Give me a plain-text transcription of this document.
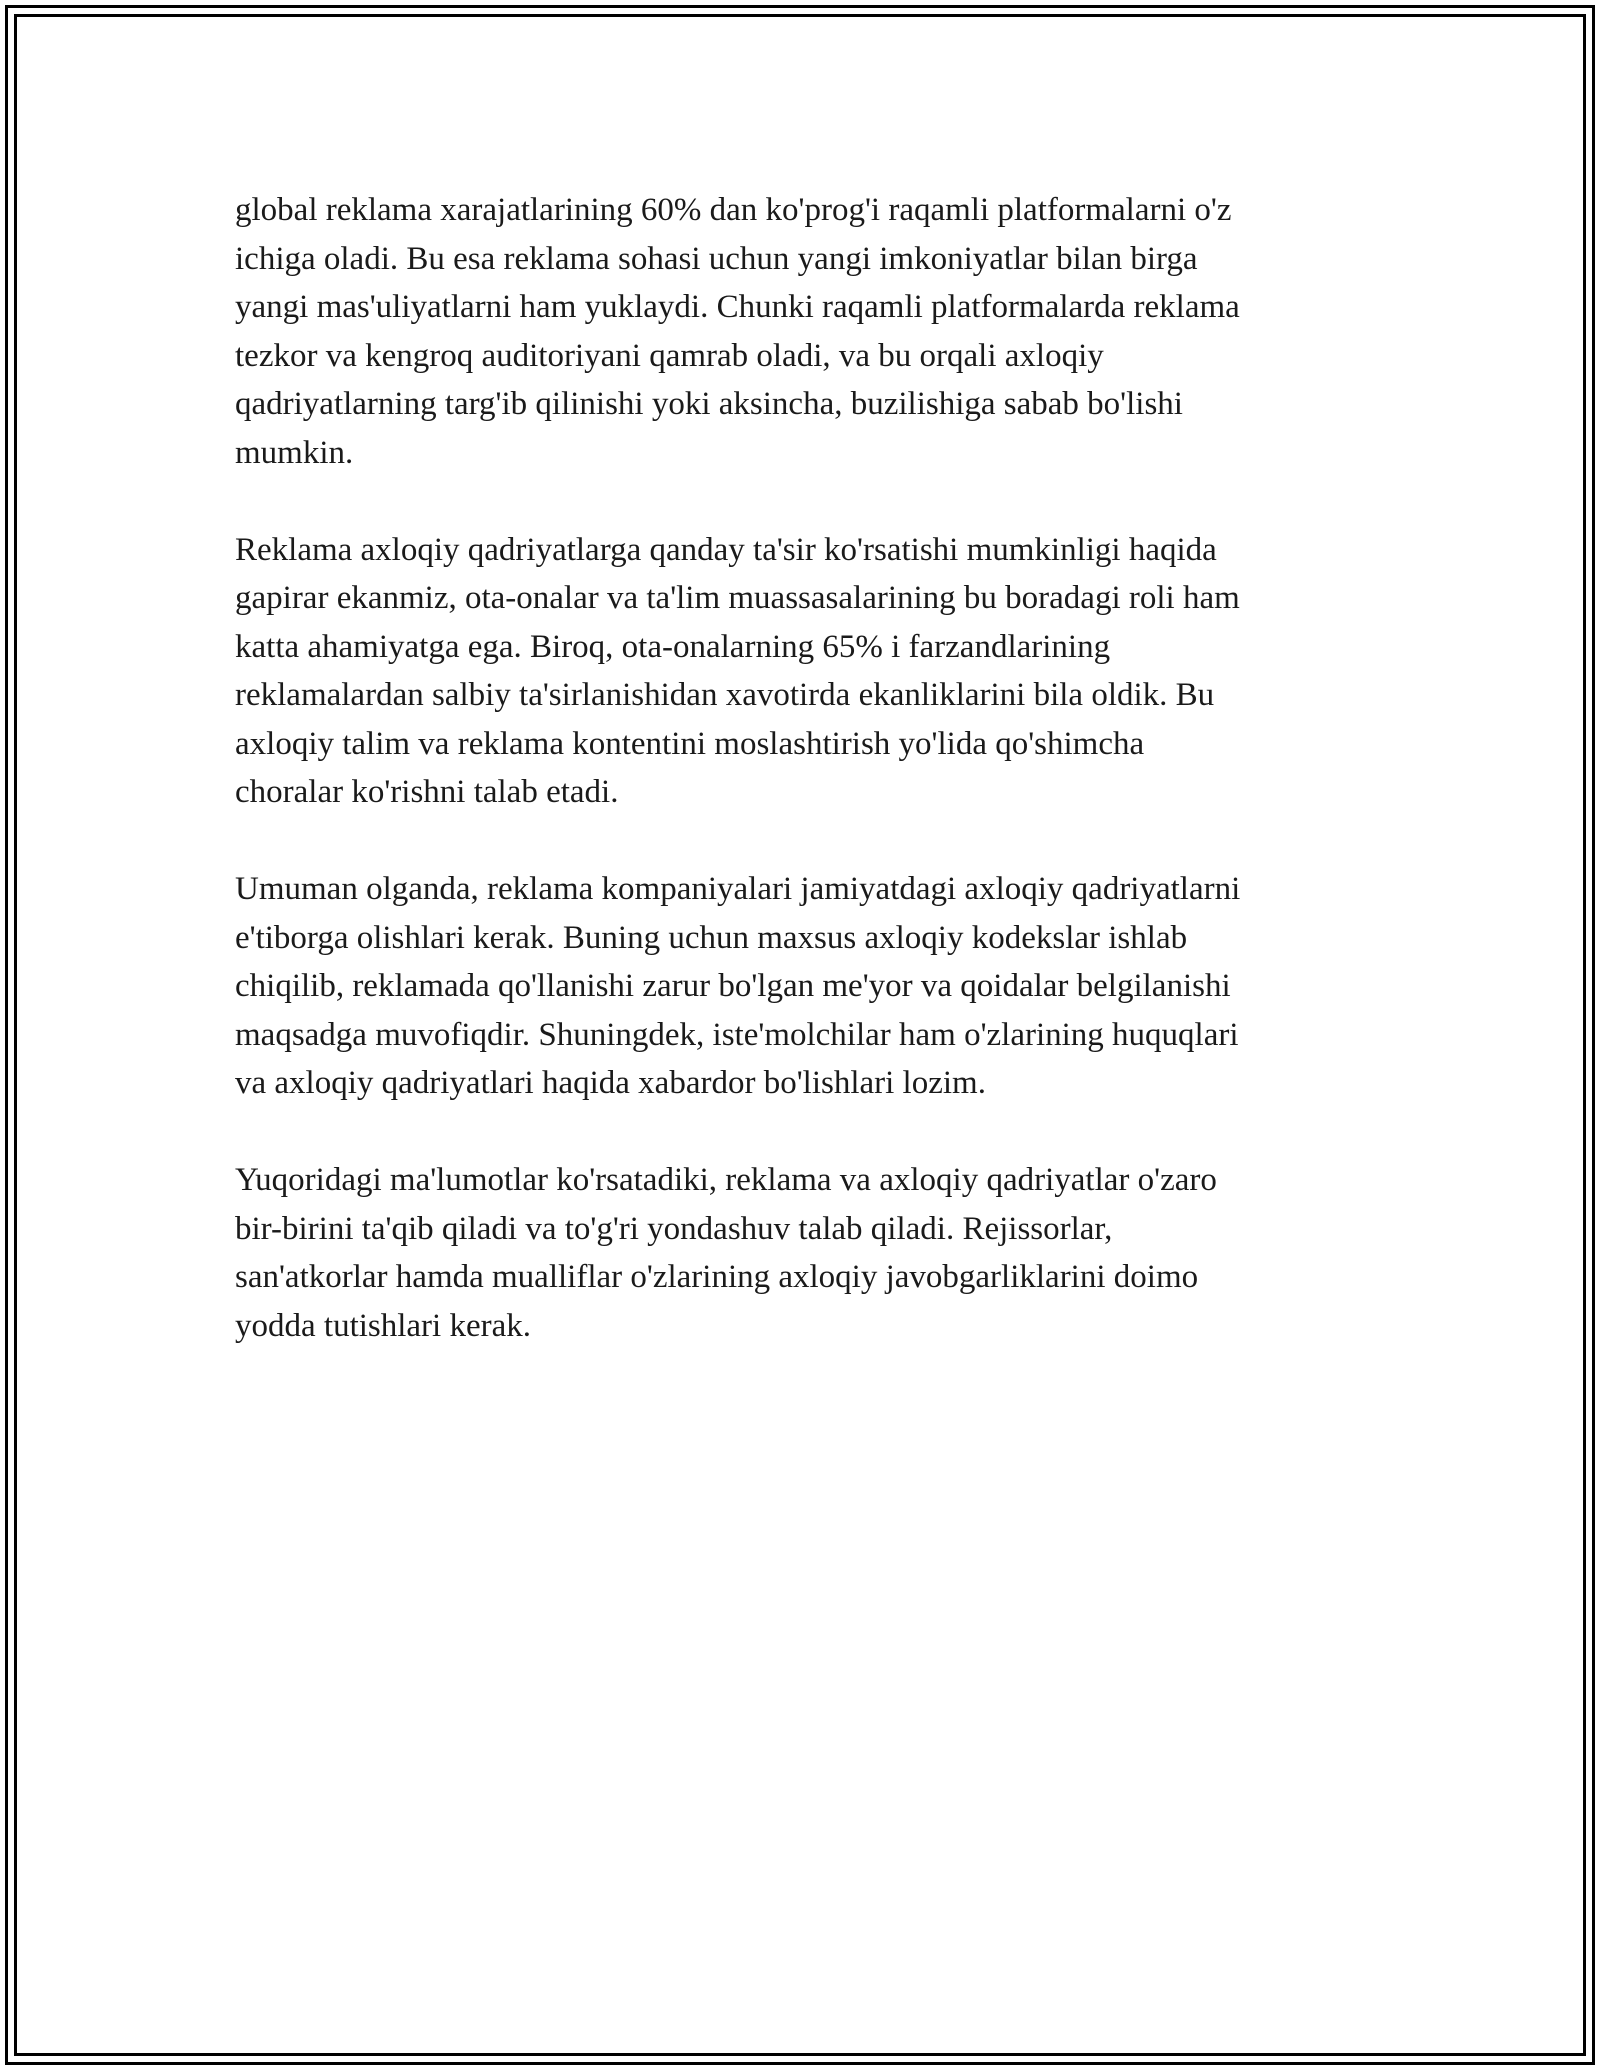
global reklama xarajatlarining 60% dan ko'prog'i raqamli platformalarni o'z
ichiga oladi. Bu esa reklama sohasi uchun yangi imkoniyatlar bilan birga
yangi mas'uliyatlarni ham yuklaydi. Chunki raqamli platformalarda reklama
tezkor va kengroq auditoriyani qamrab oladi, va bu orqali axloqiy
qadriyatlarning targ'ib qilinishi yoki aksincha, buzilishiga sabab bo'lishi
mumkin.

Reklama axloqiy qadriyatlarga qanday ta'sir ko'rsatishi mumkinligi haqida
gapirar ekanmiz, ota-onalar va ta'lim muassasalarining bu boradagi roli ham
katta ahamiyatga ega. Biroq, ota-onalarning 65% i farzandlarining
reklamalardan salbiy ta'sirlanishidan xavotirda ekanliklarini bila oldik. Bu
axloqiy talim va reklama kontentini moslashtirish yo'lida qo'shimcha
choralar ko'rishni talab etadi.

Umuman olganda, reklama kompaniyalari jamiyatdagi axloqiy qadriyatlarni
e'tiborga olishlari kerak. Buning uchun maxsus axloqiy kodekslar ishlab
chiqilib, reklamada qo'llanishi zarur bo'lgan me'yor va qoidalar belgilanishi
maqsadga muvofiqdir. Shuningdek, iste'molchilar ham o'zlarining huquqlari
va axloqiy qadriyatlari haqida xabardor bo'lishlari lozim.

Yuqoridagi ma'lumotlar ko'rsatadiki, reklama va axloqiy qadriyatlar o'zaro
bir-birini ta'qib qiladi va to'g'ri yondashuv talab qiladi. Rejissorlar,
san'atkorlar hamda mualliflar o'zlarining axloqiy javobgarliklarini doimo
yodda tutishlari kerak.
